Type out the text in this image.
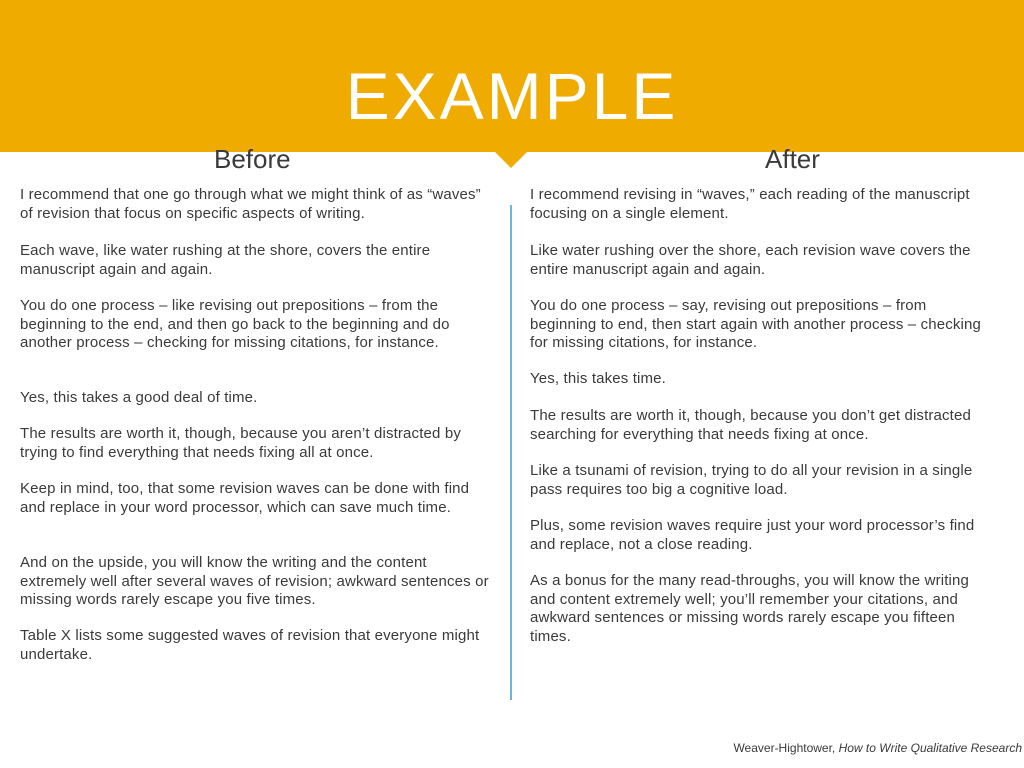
EXAMPLE
Before	After
I recommend that one go through what we might think of as “waves” of revision that focus on specific aspects of writing.
Each wave, like water rushing at the shore, covers the entire manuscript again and again.
You do one process – like revising out prepositions – from the beginning to the end, and then go back to the beginning and do another process – checking for missing citations, for instance.
Yes, this takes a good deal of time.
The results are worth it, though, because you aren’t distracted by trying to find everything that needs fixing all at once.
Keep in mind, too, that some revision waves can be done with find and replace in your word processor, which can save much time.
And on the upside, you will know the writing and the content extremely well after several waves of revision; awkward sentences or missing words rarely escape you five times.
Table X lists some suggested waves of revision that everyone might undertake.
I recommend revising in “waves,” each reading of the manuscript focusing on a single element.
Like water rushing over the shore, each revision wave covers the entire manuscript again and again.
You do one process – say, revising out prepositions – from beginning to end, then start again with another process – checking for missing citations, for instance.
Yes, this takes time.
The results are worth it, though, because you don’t get distracted searching for everything that needs fixing at once.
Like a tsunami of revision, trying to do all your revision in a single pass requires too big a cognitive load.
Plus, some revision waves require just your word processor’s find and replace, not a close reading.
As a bonus for the many read-throughs, you will know the writing and content extremely well; you’ll remember your citations, and awkward sentences or missing words rarely escape you fifteen times.
Weaver-Hightower, How to Write Qualitative Research
